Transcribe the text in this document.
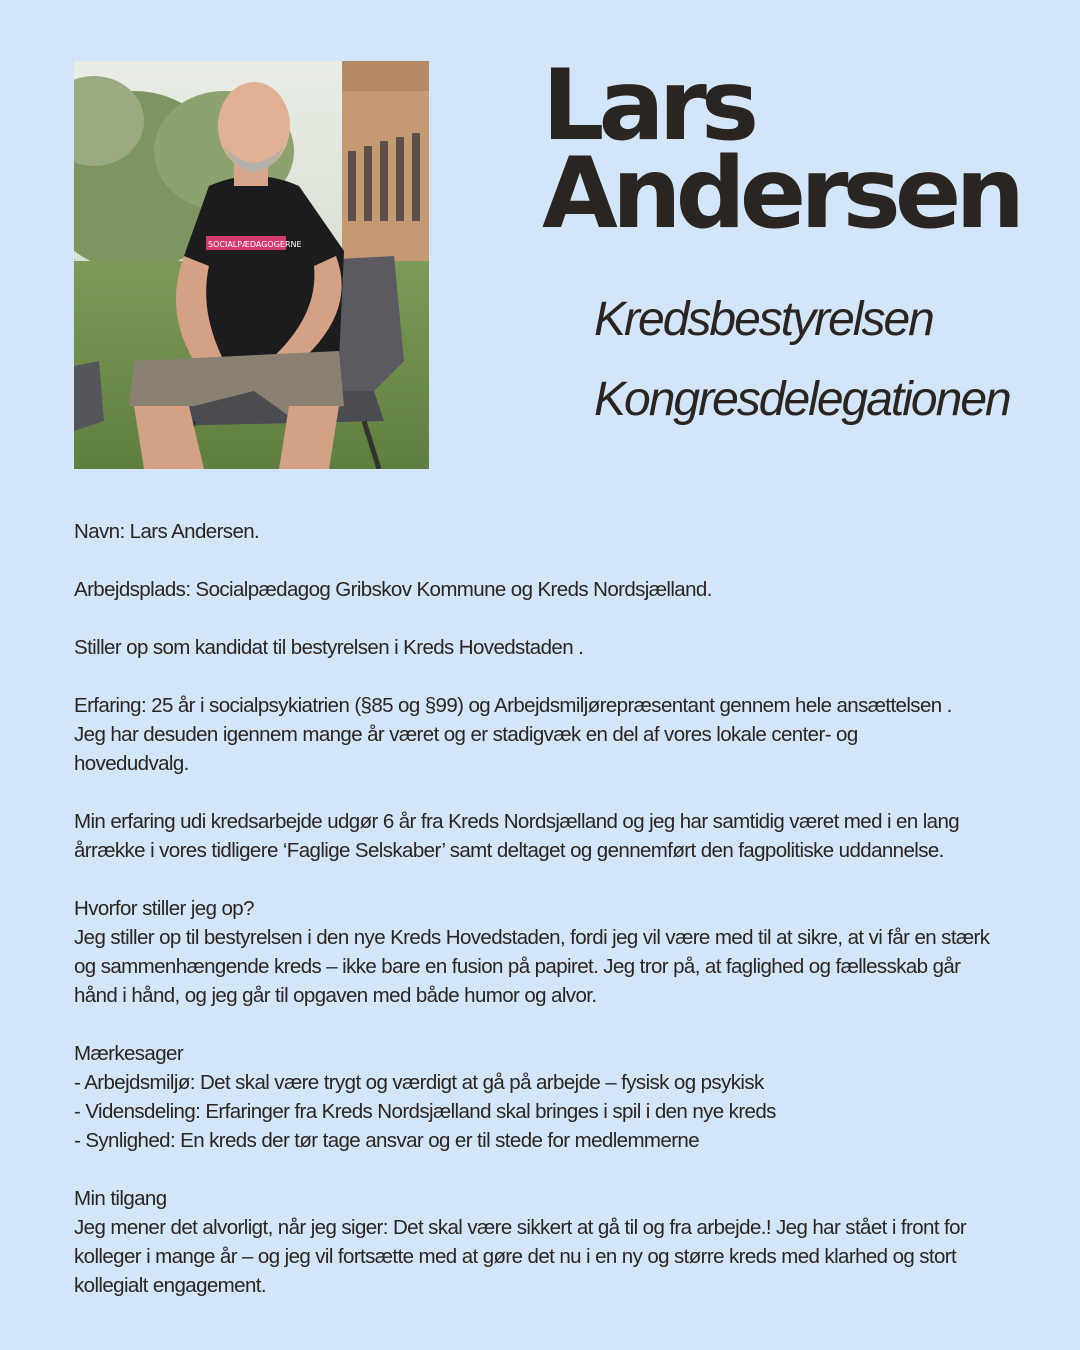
SOCIALPÆDAGOGERNE
Lars
Andersen
Kredsbestyrelsen
Kongresdelegationen

Navn: Lars Andersen.

Arbejdsplads: Socialpædagog Gribskov Kommune og Kreds Nordsjælland.

Stiller op som kandidat til bestyrelsen i Kreds Hovedstaden .

Erfaring: 25 år i socialpsykiatrien (§85 og §99) og Arbejdsmiljørepræsentant gennem hele ansættelsen .
Jeg har desuden igennem mange år været og er stadigvæk en del af vores lokale center- og
hovedudvalg.

Min erfaring udi kredsarbejde udgør 6 år fra Kreds Nordsjælland og jeg har samtidig været med i en lang
årrække i vores tidligere ‘Faglige Selskaber’ samt deltaget og gennemført den fagpolitiske uddannelse.

Hvorfor stiller jeg op?
Jeg stiller op til bestyrelsen i den nye Kreds Hovedstaden, fordi jeg vil være med til at sikre, at vi får en stærk
og sammenhængende kreds – ikke bare en fusion på papiret. Jeg tror på, at faglighed og fællesskab går
hånd i hånd, og jeg går til opgaven med både humor og alvor.

Mærkesager
- Arbejdsmiljø: Det skal være trygt og værdigt at gå på arbejde – fysisk og psykisk
- Vidensdeling: Erfaringer fra Kreds Nordsjælland skal bringes i spil i den nye kreds
- Synlighed: En kreds der tør tage ansvar og er til stede for medlemmerne

Min tilgang
Jeg mener det alvorligt, når jeg siger: Det skal være sikkert at gå til og fra arbejde.! Jeg har stået i front for
kolleger i mange år – og jeg vil fortsætte med at gøre det nu i en ny og større kreds med klarhed og stort
kollegialt engagement.
